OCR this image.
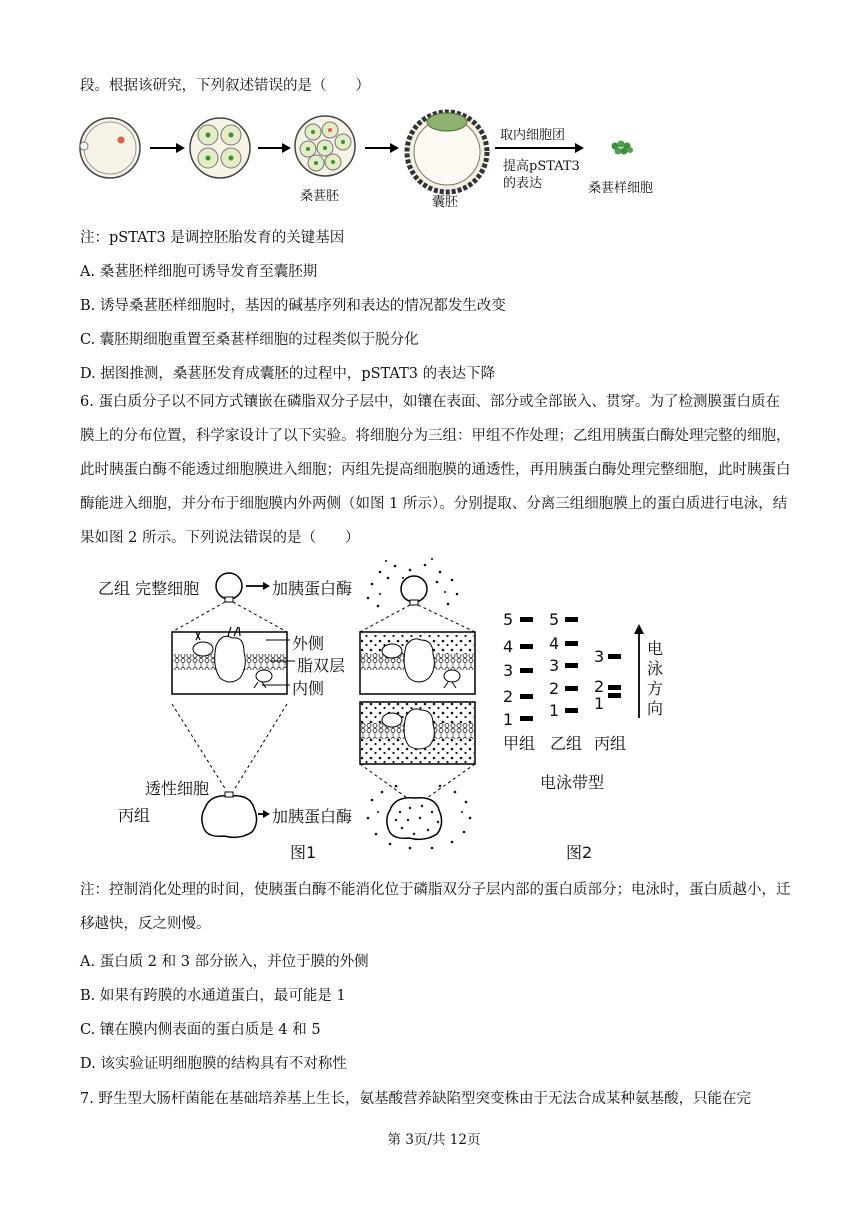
段。根据该研究，下列叙述错误的是（　　）
桑葚胚	囊胚
取内细胞团
提高pSTAT3
的表达	桑葚样细胞
注：pSTAT3 是调控胚胎发育的关键基因
A. 桑葚胚样细胞可诱导发育至囊胚期
B. 诱导桑葚胚样细胞时，基因的碱基序列和表达的情况都发生改变
C. 囊胚期细胞重置至桑葚样细胞的过程类似于脱分化
D. 据图推测，桑葚胚发育成囊胚的过程中，pSTAT3 的表达下降
6. 蛋白质分子以不同方式镶嵌在磷脂双分子层中，如镶在表面、部分或全部嵌入、贯穿。为了检测膜蛋白质在膜上的分布位置，科学家设计了以下实验。将细胞分为三组：甲组不作处理；乙组用胰蛋白酶处理完整的细胞，此时胰蛋白酶不能透过细胞膜进入细胞；丙组先提高细胞膜的通透性，再用胰蛋白酶处理完整细胞，此时胰蛋白酶能进入细胞，并分布于细胞膜内外两侧（如图 1 所示）。分别提取、分离三组细胞膜上的蛋白质进行电泳，结果如图 2 所示。下列说法错误的是（　　）
乙组 完整细胞	加胰蛋白酶
外侧
脂双层
内侧
透性细胞
丙组	加胰蛋白酶
图1
5
4
3
2
1
5
4
3
2
1
3
2
1
电
泳
方
向
甲组 乙组 丙组
电泳带型
图2
注：控制消化处理的时间，使胰蛋白酶不能消化位于磷脂双分子层内部的蛋白质部分；电泳时，蛋白质越小，迁移越快，反之则慢。
A. 蛋白质 2 和 3 部分嵌入，并位于膜的外侧
B. 如果有跨膜的水通道蛋白，最可能是 1
C. 镶在膜内侧表面的蛋白质是 4 和 5
D. 该实验证明细胞膜的结构具有不对称性
7. 野生型大肠杆菌能在基础培养基上生长，氨基酸营养缺陷型突变株由于无法合成某种氨基酸，只能在完
第 3页/共 12页
